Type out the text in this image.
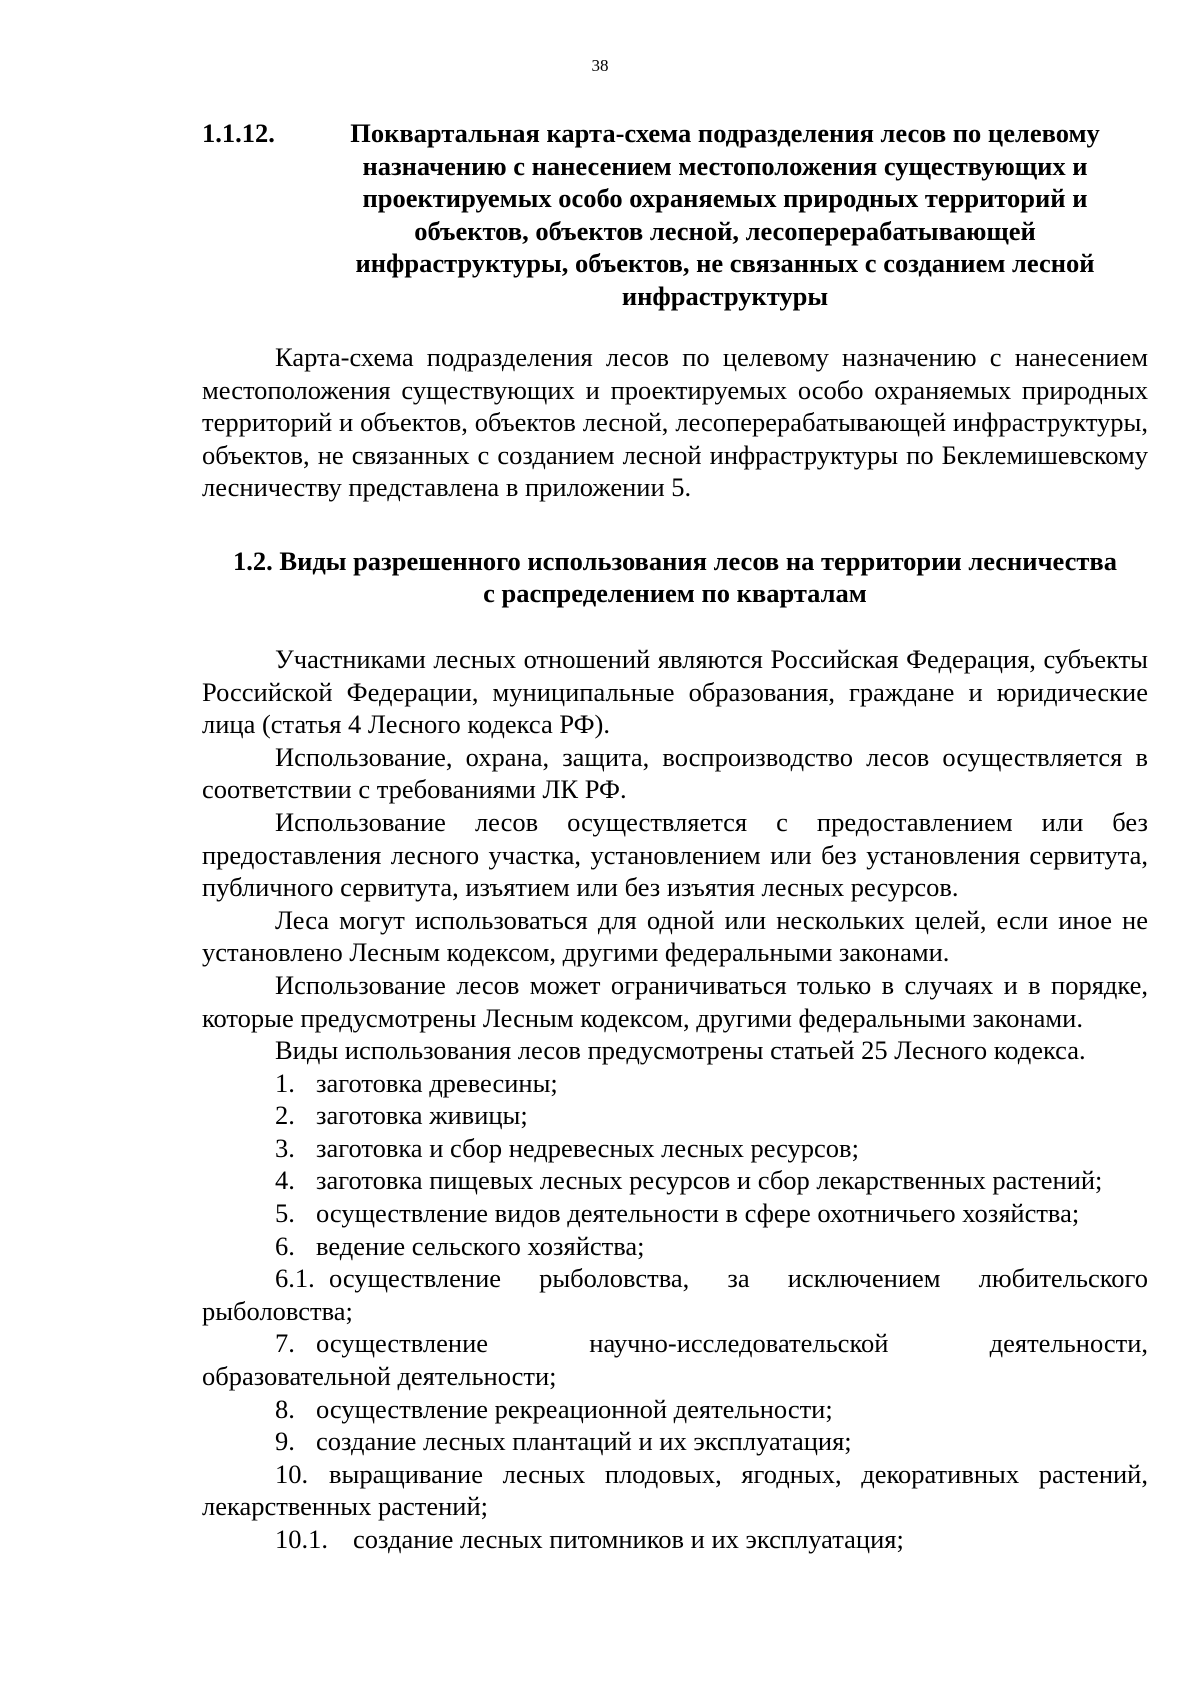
38
1.1.12.	Поквартальная карта-схема подразделения лесов по целевому назначению с нанесением местоположения существующих и проектируемых особо охраняемых природных территорий и объектов, объектов лесной, лесоперерабатывающей инфраструктуры, объектов, не связанных с созданием лесной инфраструктуры

Карта-схема подразделения лесов по целевому назначению с нанесением местоположения существующих и проектируемых особо охраняемых природных территорий и объектов, объектов лесной, лесоперерабатывающей инфраструктуры, объектов, не связанных с созданием лесной инфраструктуры по Беклемишевскому лесничеству представлена в приложении 5.

1.2. Виды разрешенного использования лесов на территории лесничества с распределением по кварталам

Участниками лесных отношений являются Российская Федерация, субъекты Российской Федерации, муниципальные образования, граждане и юридические лица (статья 4 Лесного кодекса РФ).

Использование, охрана, защита, воспроизводство лесов осуществляется в соответствии с требованиями ЛК РФ.

Использование лесов осуществляется с предоставлением или без предоставления лесного участка, установлением или без установления сервитута, публичного сервитута, изъятием или без изъятия лесных ресурсов.

Леса могут использоваться для одной или нескольких целей, если иное не установлено Лесным кодексом, другими федеральными законами.

Использование лесов может ограничиваться только в случаях и в порядке, которые предусмотрены Лесным кодексом, другими федеральными законами.

Виды использования лесов предусмотрены статьей 25 Лесного кодекса.

1. заготовка древесины;
2. заготовка живицы;
3. заготовка и сбор недревесных лесных ресурсов;
4. заготовка пищевых лесных ресурсов и сбор лекарственных растений;
5. осуществление видов деятельности в сфере охотничьего хозяйства;
6. ведение сельского хозяйства;
6.1. осуществление рыболовства, за исключением любительского рыболовства;
7. осуществление научно-исследовательской деятельности, образовательной деятельности;
8. осуществление рекреационной деятельности;
9. создание лесных плантаций и их эксплуатация;
10. выращивание лесных плодовых, ягодных, декоративных растений, лекарственных растений;
10.1. создание лесных питомников и их эксплуатация;
